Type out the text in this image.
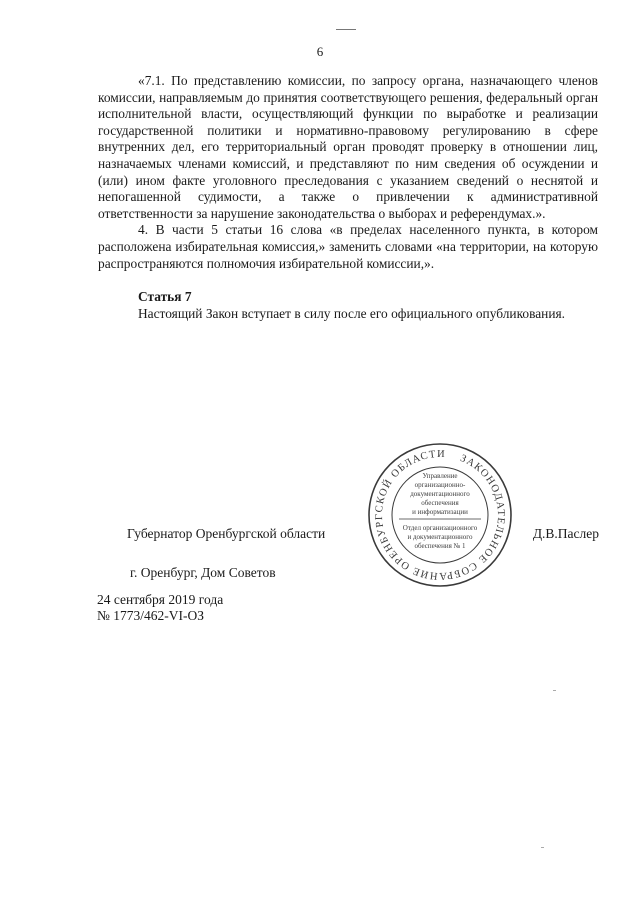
6

«7.1. По представлению комиссии, по запросу органа, назначающего членов комиссии, направляемым до принятия соответствующего решения, федеральный орган исполнительной власти, осуществляющий функции по выработке и реализации государственной политики и нормативно-правовому регулированию в сфере внутренних дел, его территориальный орган проводят проверку в отношении лиц, назначаемых членами комиссий, и представляют по ним сведения об осуждении и (или) ином факте уголовного преследования с указанием сведений о неснятой и непогашенной судимости, а также о привлечении к административной ответственности за нарушение законодательства о выборах и референдумах.».

4. В части 5 статьи 16 слова «в пределах населенного пункта, в котором расположена избирательная комиссия,» заменить словами «на территории, на которую распространяются полномочия избирательной комиссии,».

Статья 7

Настоящий Закон вступает в силу после его официального опубликования.

ЗАКОНОДАТЕЛЬНОЕ СОБРАНИЕ ОРЕНБУРГСКОЙ ОБЛАСТИ
Управление
организационно-
документационного
обеспечения
и информатизации
Отдел организационного
и документационного
обеспечения № 1
Губернатор Оренбургской области	Д.В.Паслер
г. Оренбург, Дом Советов
24 сентября 2019 года
№ 1773/462-VI-ОЗ
